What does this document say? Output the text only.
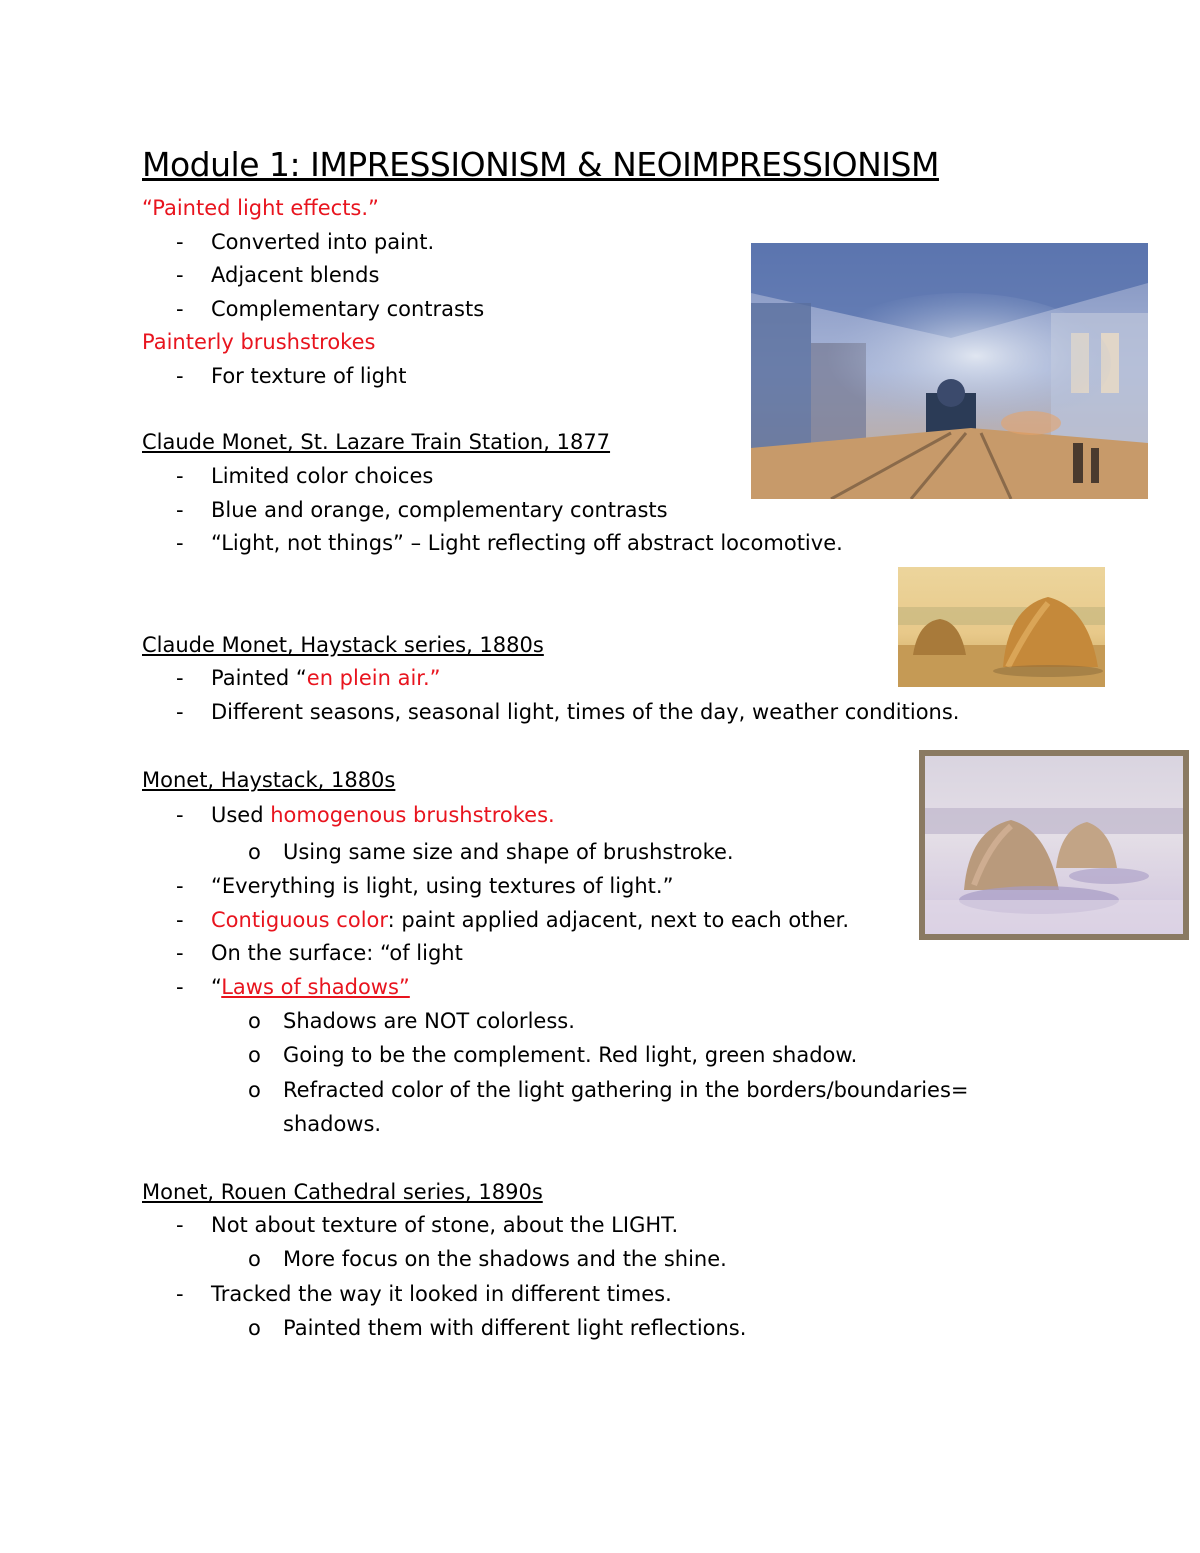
Module 1: IMPRESSIONISM & NEOIMPRESSIONISM
“Painted light effects.”
- Converted into paint.
- Adjacent blends
- Complementary contrasts
Painterly brushstrokes
- For texture of light
Claude Monet, St. Lazare Train Station, 1877
- Limited color choices
- Blue and orange, complementary contrasts
- “Light, not things” – Light reflecting off abstract locomotive.
Claude Monet, Haystack series, 1880s
- Painted “en plein air.”
- Different seasons, seasonal light, times of the day, weather conditions.
Monet, Haystack, 1880s
- Used homogenous brushstrokes.
o Using same size and shape of brushstroke.
- “Everything is light, using textures of light.”
- Contiguous color: paint applied adjacent, next to each other.
- On the surface: “of light
- “Laws of shadows”
o Shadows are NOT colorless.
o Going to be the complement. Red light, green shadow.
o Refracted color of the light gathering in the borders/boundaries=
shadows.
Monet, Rouen Cathedral series, 1890s
- Not about texture of stone, about the LIGHT.
o More focus on the shadows and the shine.
- Tracked the way it looked in different times.
o Painted them with different light reflections.
